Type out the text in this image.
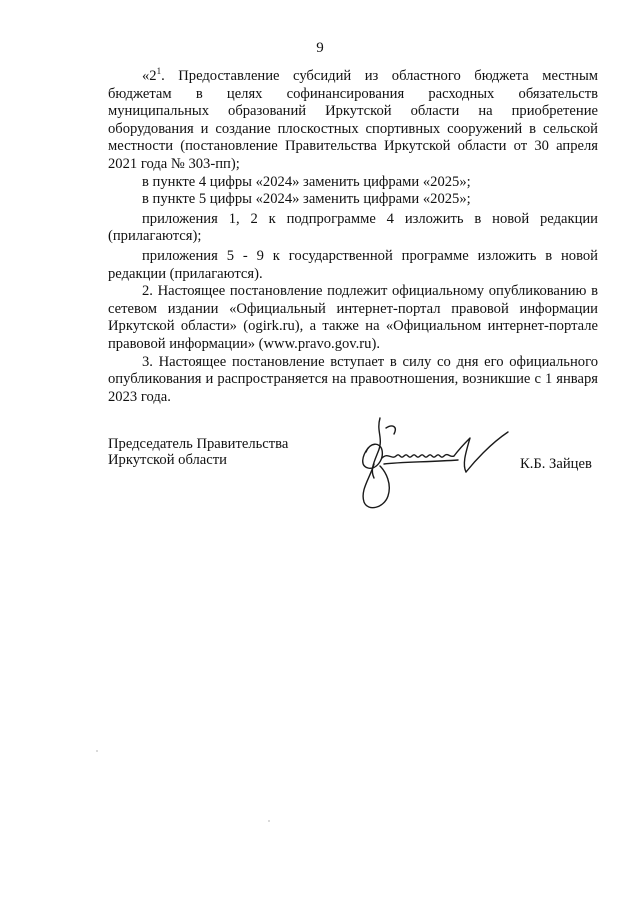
9

«$2^1$. Предоставление субсидий из областного бюджета местным бюджетам в целях софинансирования расходных обязательств муниципальных образований Иркутской области на приобретение оборудования и создание плоскостных спортивных сооружений в сельской местности (постановление Правительства Иркутской области от 30 апреля 2021 года № 303-пп);

в пункте 4 цифры «2024» заменить цифрами «2025»;

в пункте 5 цифры «2024» заменить цифрами «2025»;

приложения 1, 2 к подпрограмме 4 изложить в новой редакции (прилагаются);

приложения 5 - 9 к государственной программе изложить в новой редакции (прилагаются).

2. Настоящее постановление подлежит официальному опубликованию в сетевом издании «Официальный интернет-портал правовой информации Иркутской области» (ogirk.ru), а также на «Официальном интернет-портале правовой информации» (www.pravo.gov.ru).

3. Настоящее постановление вступает в силу со дня его официального опубликования и распространяется на правоотношения, возникшие с 1 января 2023 года.

Председатель Правительства
Иркутской области	К.Б. Зайцев
